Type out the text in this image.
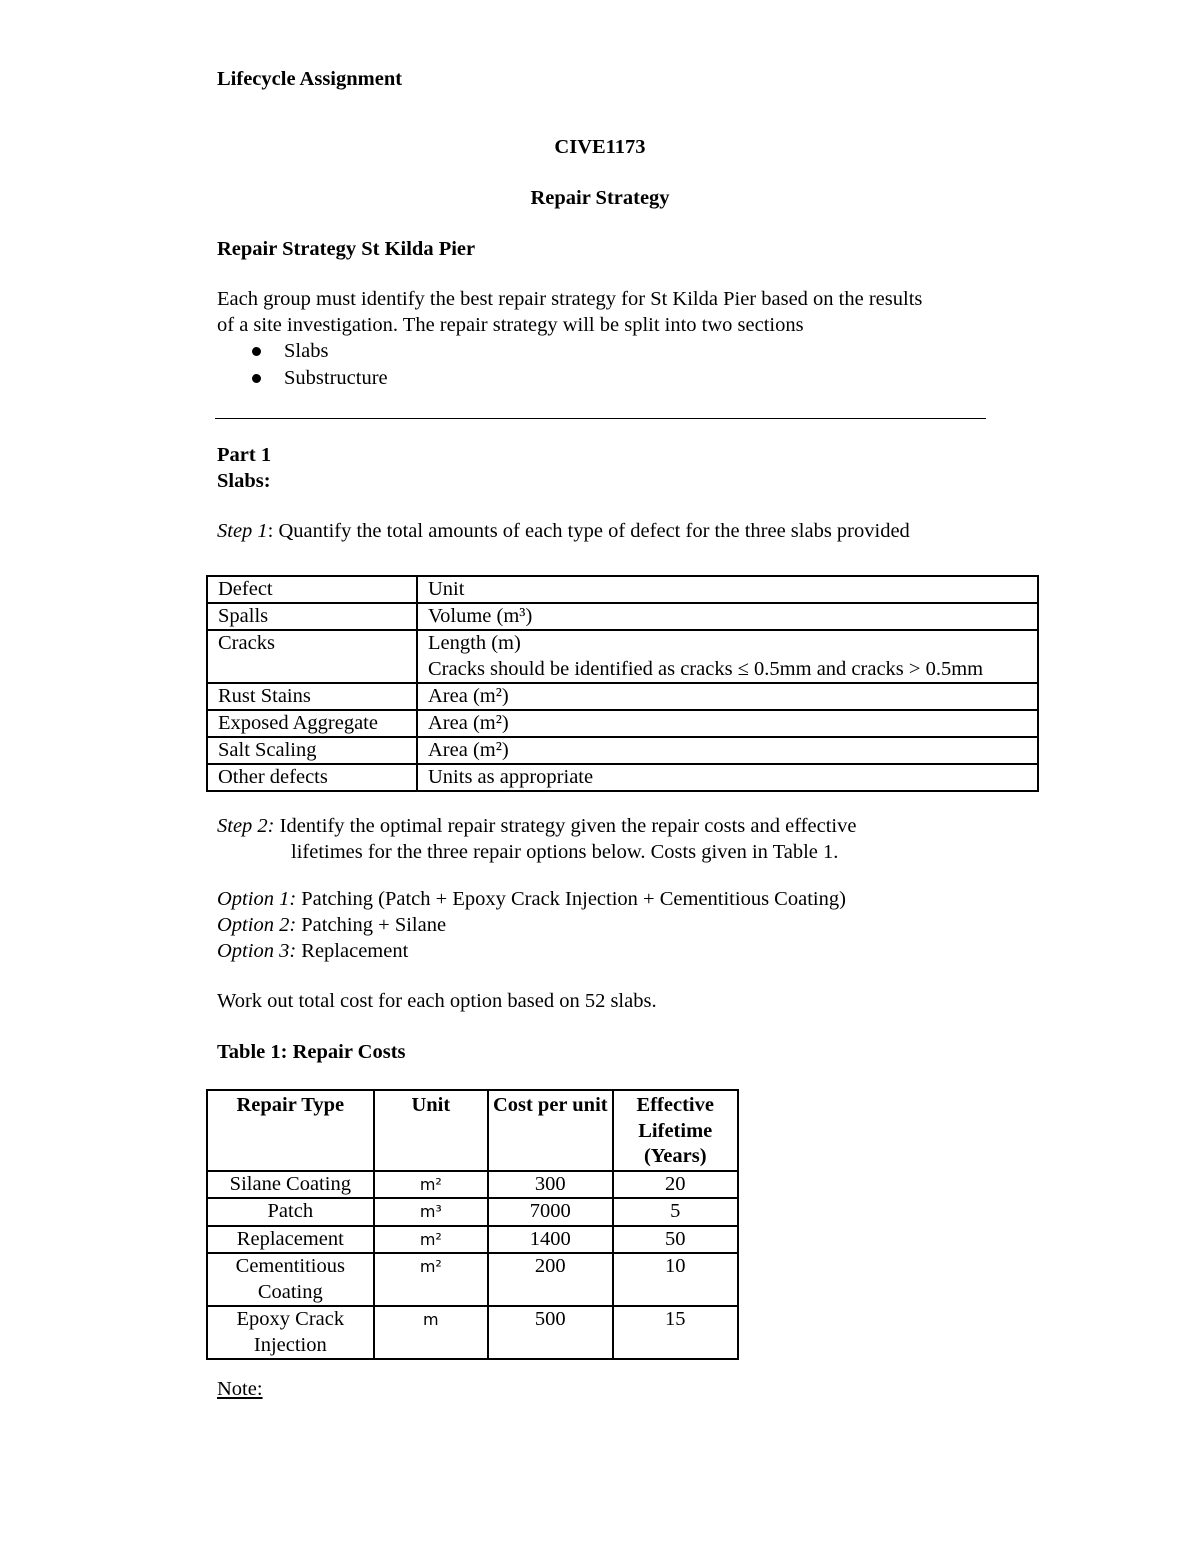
Lifecycle Assignment
CIVE1173
Repair Strategy
Repair Strategy St Kilda Pier
Each group must identify the best repair strategy for St Kilda Pier based on the results
of a site investigation. The repair strategy will be split into two sections
Slabs
Substructure
Part 1
Slabs:
Step 1: Quantify the total amounts of each type of defect for the three slabs provided
Defect	Unit
Spalls	Volume (m³)
Cracks	Length (m)
Cracks should be identified as cracks ≤ 0.5mm and cracks > 0.5mm

Rust Stains	Area (m²)
Exposed Aggregate	Area (m²)
Salt Scaling	Area (m²)
Other defects	Units as appropriate
Step 2: Identify the optimal repair strategy given the repair costs and effective
lifetimes for the three repair options below. Costs given in Table 1.
Option 1: Patching (Patch + Epoxy Crack Injection + Cementitious Coating)
Option 2: Patching + Silane
Option 3: Replacement
Work out total cost for each option based on 52 slabs.
Table 1: Repair Costs
Repair Type	Unit	Cost per unit	Effective Lifetime (Years)
Silane Coating	m²	300	20
Patch	m³	7000	5
Replacement	m²	1400	50
Cementitious Coating	m²	200	10
Epoxy Crack Injection	m	500	15
Note:
